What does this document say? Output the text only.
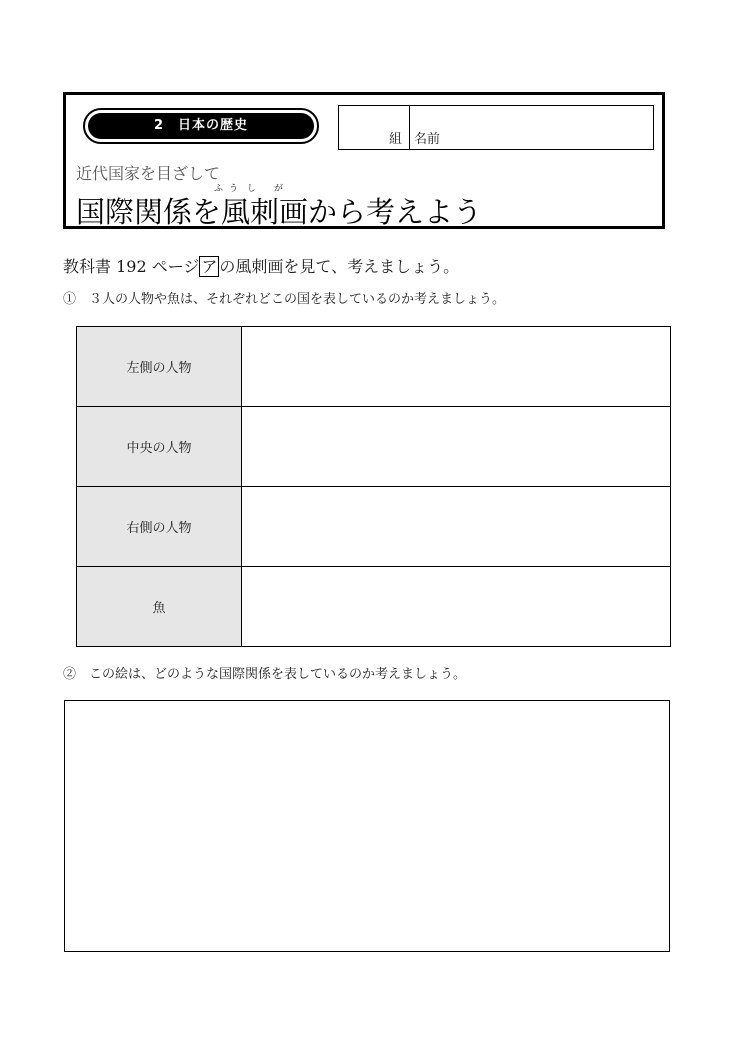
2　日本の歴史
組 名前
近代国家を目ざして
ふ う し が
国際関係を風刺画から考えよう
教科書 192 ページ ア の風刺画を見て、考えましょう。
①　３人の人物や魚は、それぞれどこの国を表しているのか考えましょう。
左側の人物	
中央の人物	
右側の人物	
魚	
②　この絵は、どのような国際関係を表しているのか考えましょう。
